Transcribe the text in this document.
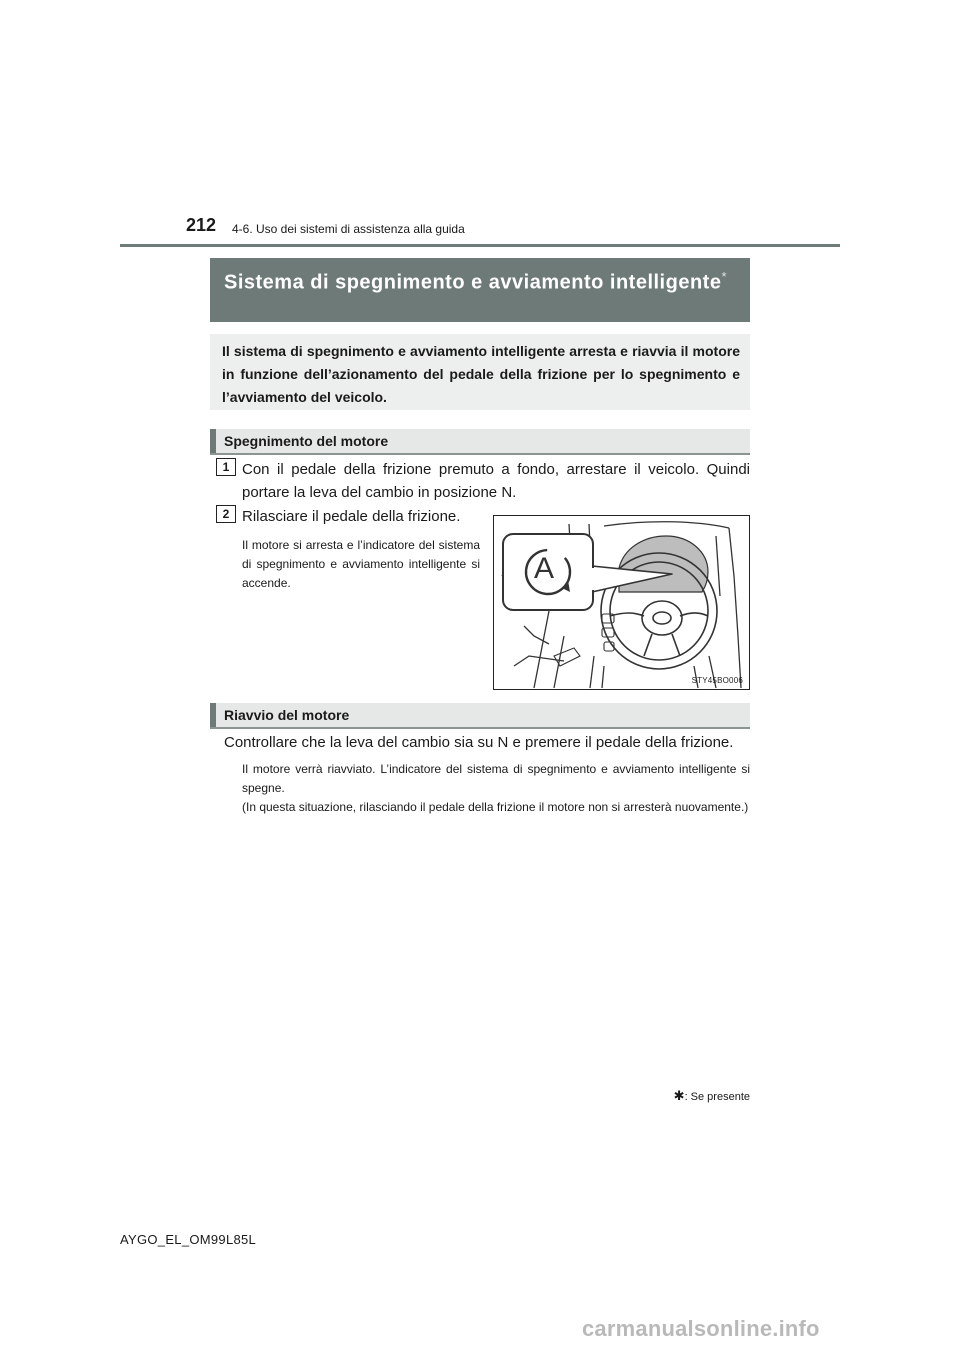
212 4-6. Uso dei sistemi di assistenza alla guida
Sistema di spegnimento e avviamento intelligente*
Il sistema di spegnimento e avviamento intelligente arresta e riavvia il motore in funzione dell’azionamento del pedale della frizione per lo spegnimento e l’avviamento del veicolo.
Spegnimento del motore
1 Con il pedale della frizione premuto a fondo, arrestare il veicolo. Quindi portare la leva del cambio in posizione N.
2 Rilasciare il pedale della frizione.
Il motore si arresta e l’indicatore del sistema di spegnimento e avviamento intelligente si accende.	A
STY45BO006
Riavvio del motore
Controllare che la leva del cambio sia su N e premere il pedale della frizione.

Il motore verrà riavviato. L’indicatore del sistema di spegnimento e avviamento intelligente si spegne.

(In questa situazione, rilasciando il pedale della frizione il motore non si arresterà nuovamente.)

✱: Se presente
AYGO_EL_OM99L85L
carmanualsonline.info
